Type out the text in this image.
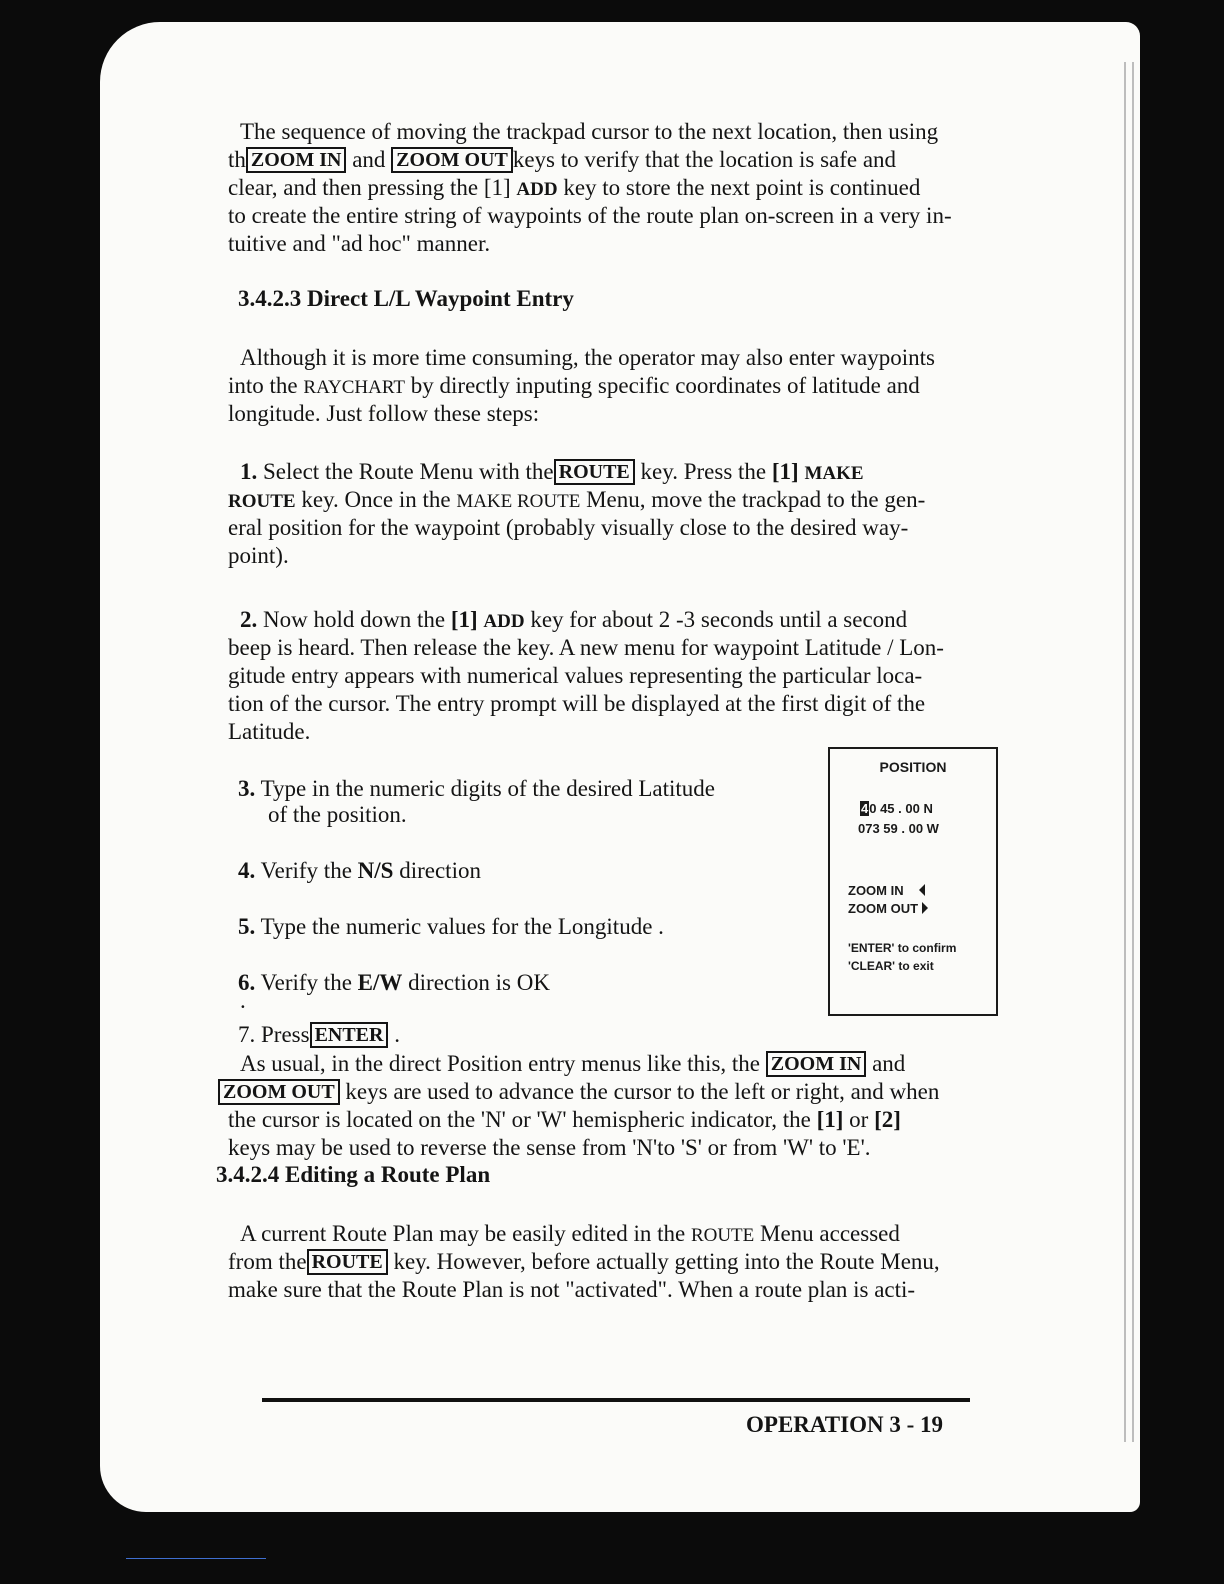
The sequence of moving the trackpad cursor to the next location, then using

th ZOOM IN and ZOOM OUT keys to verify that the location is safe and

clear, and then pressing the [1] ADD key to store the next point is continued

to create the entire string of waypoints of the route plan on-screen in a very in-

tuitive and "ad hoc" manner.

3.4.2.3 Direct L/L Waypoint Entry

Although it is more time consuming, the operator may also enter waypoints

into the RAYCHART by directly inputing specific coordinates of latitude and

longitude. Just follow these steps:

1. Select the Route Menu with the ROUTE key. Press the [1] MAKE

ROUTE key. Once in the MAKE ROUTE Menu, move the trackpad to the gen-

eral position for the waypoint (probably visually close to the desired way-

point).

2. Now hold down the [1] ADD key for about 2 -3 seconds until a second

beep is heard. Then release the key. A new menu for waypoint Latitude / Lon-

gitude entry appears with numerical values representing the particular loca-

tion of the cursor. The entry prompt will be displayed at the first digit of the

Latitude.

3. Type in the numeric digits of the desired Latitude

of the position.

4. Verify the N/S direction

5. Type the numeric values for the Longitude .

6. Verify the E/W direction is OK

.

7. Press ENTER .

As usual, in the direct Position entry menus like this, the ZOOM IN and

ZOOM OUT keys are used to advance the cursor to the left or right, and when

the cursor is located on the 'N' or 'W' hemispheric indicator, the [1] or [2]

keys may be used to reverse the sense from 'N'to 'S' or from 'W' to 'E'.

3.4.2.4 Editing a Route Plan

A current Route Plan may be easily edited in the ROUTE Menu accessed

from the ROUTE key. However, before actually getting into the Route Menu,

make sure that the Route Plan is not "activated". When a route plan is acti-

POSITION

40 45 . 00 N

073 59 . 00 W

ZOOM IN

ZOOM OUT

'ENTER' to confirm

'CLEAR' to exit

OPERATION 3 - 19
